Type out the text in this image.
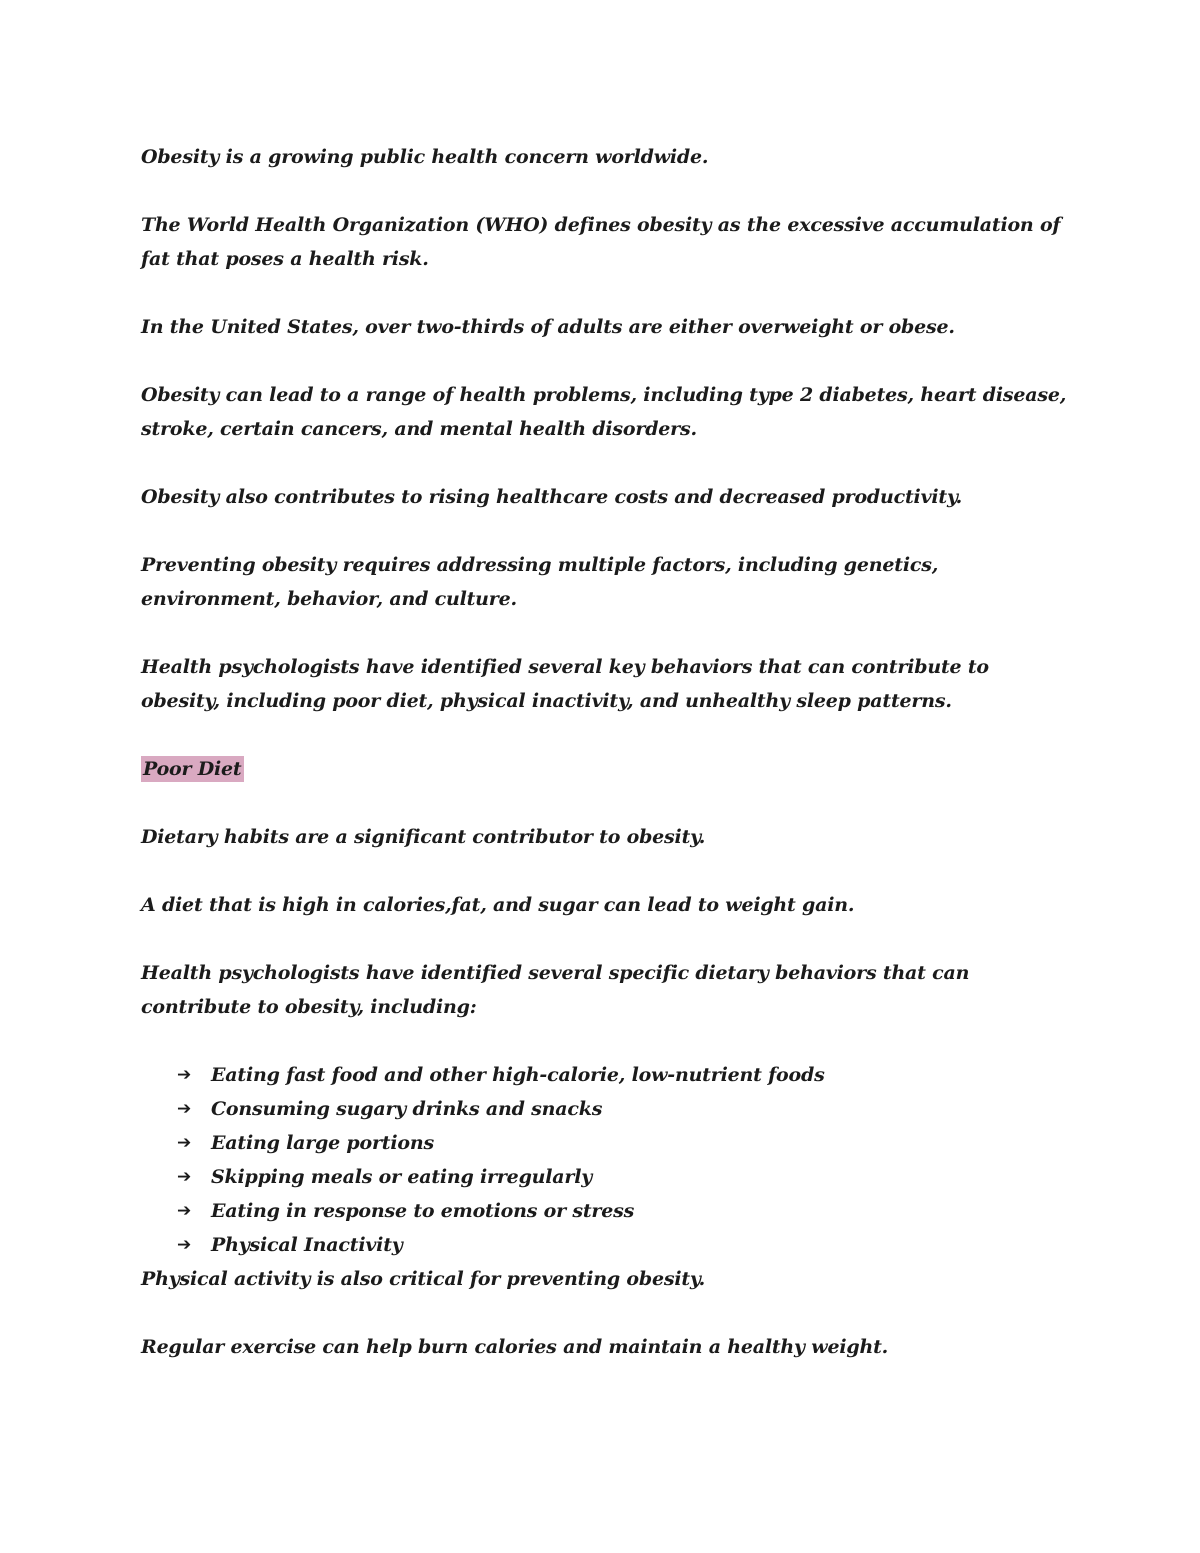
Obesity is a growing public health concern worldwide.

The World Health Organization (WHO) defines obesity as the excessive accumulation of fat that poses a health risk.

In the United States, over two-thirds of adults are either overweight or obese.

Obesity can lead to a range of health problems, including type 2 diabetes, heart disease, stroke, certain cancers, and mental health disorders.

Obesity also contributes to rising healthcare costs and decreased productivity.

Preventing obesity requires addressing multiple factors, including genetics, environment, behavior, and culture.

Health psychologists have identified several key behaviors that can contribute to obesity, including poor diet, physical inactivity, and unhealthy sleep patterns.

Poor Diet

Dietary habits are a significant contributor to obesity.

A diet that is high in calories,fat, and sugar can lead to weight gain.

Health psychologists have identified several specific dietary behaviors that can contribute to obesity, including:

➔ Eating fast food and other high-calorie, low-nutrient foods
➔ Consuming sugary drinks and snacks
➔ Eating large portions
➔ Skipping meals or eating irregularly
➔ Eating in response to emotions or stress
➔ Physical Inactivity

Physical activity is also critical for preventing obesity.

Regular exercise can help burn calories and maintain a healthy weight.
